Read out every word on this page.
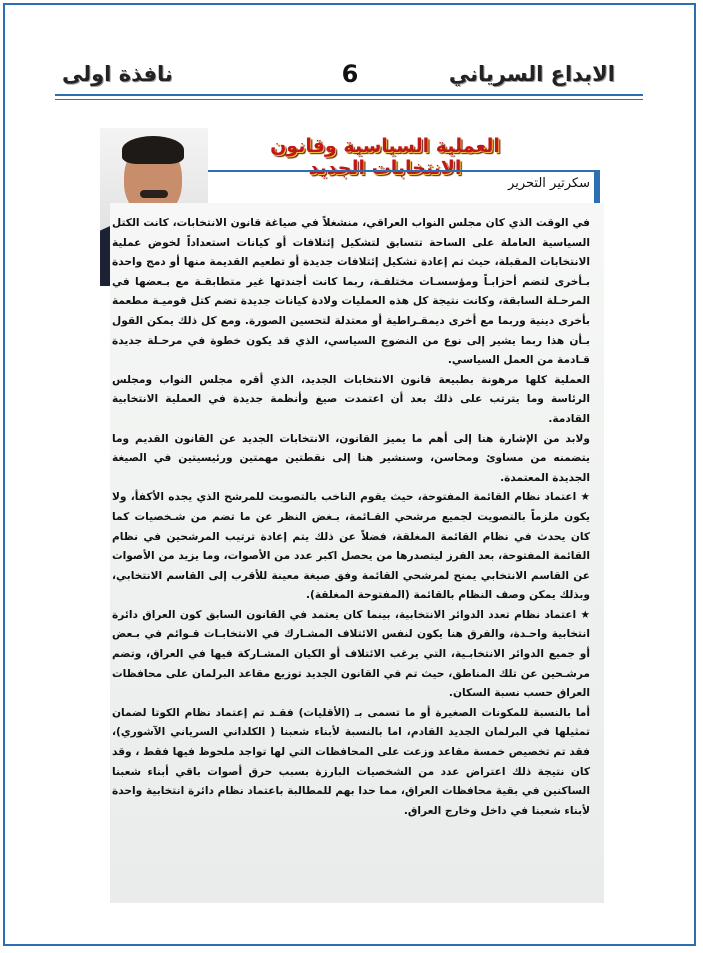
الابداع السرياني
6
نافذة اولى
العملية السياسية وقانون الانتخابات الجديد
سكرتير التحرير

في الوقت الذي كان مجلس النواب العراقي، منشغلاً في صياغة قانون الانتخابات، كانت الكتل السياسية العاملة على الساحة تتسابق لتشكيل إئتلافات أو كيانات استعداداً لخوض عملية الانتخابات المقبلة، حيث تم إعادة تشكيل إئتلافات جديدة أو تطعيم القديمة منها أو دمج واحدة بـأخرى لتضم أحزابـاً ومؤسسـات مختلفـة، ربما كانت أجندتها غير متطابقـة مع بـعضها في المرحـلة السابقة، وكانت نتيجة كل هذه العمليات ولادة كيانات جديدة تضم كتل قوميـة مطعمة بأخرى دينية وربما مع أخرى ديمقـراطية أو معتدلة لتحسين الصورة. ومع كل ذلك يمكن القول بـأن هذا ربما يشير إلى نوع من النضوج السياسي، الذي قد يكون خطوة في مرحـلة جديدة قـادمة من العمل السياسي.

العملية كلها مرهونة بطبيعة قانون الانتخابات الجديد، الذي أقره مجلس النواب ومجلس الرئاسة وما يترتب على ذلك بعد أن اعتمدت صيغ وأنظمة جديدة في العملية الانتخابية القادمة.

ولابد من الإشارة هنا إلى أهم ما يميز القانون، الانتخابات الجديد عن القانون القديم وما يتضمنه من مساوئ ومحاسن، وسنشير هنا إلى نقطتين مهمتين ورئيسيتين في الصيغة الجديدة المعتمدة.

★ اعتماد نظام القائمة المفتوحة، حيث يقوم الناخب بالتصويت للمرشح الذي يجده الأكفأ، ولا يكون ملزماً بالتصويت لجميع مرشحي القـائمة، بـغض النظر عن ما تضم من شـخصيات كما كان يحدث في نظام القائمة المغلقة، فضلاً عن ذلك يتم إعادة ترتيب المرشحين في نظام القائمة المفتوحة، بعد الفرز ليتصدرها من يحصل اكبر عدد من الأصوات، وما يزيد من الأصوات عن القاسم الانتخابي يمنح لمرشحي القائمة وفق صيغة معينة للأقرب إلى القاسم الانتخابي، وبذلك يمكن وصف النظام بالقائمة (المفتوحة المغلقة).

★ اعتماد نظام تعدد الدوائر الانتخابية، بينما كان يعتمد في القانون السابق كون العراق دائرة انتخابية واحـدة، والفرق هنا يكون لنفس الائتلاف المشـارك في الانتخابـات قـوائم في بـعض أو جميع الدوائر الانتخابـية، التي يرغب الائتلاف أو الكيان المشـاركة فيها في العراق، وتضم مرشـحين عن تلك المناطق، حيث تم في القانون الجديد توزيع مقاعد البرلمان على محافظات العراق حسب نسبة السكان.

أما بالنسبة للمكونات الصغيرة أو ما تسمى بـ (الأقليات) فقـد تم إعتماد نظام الكوتا لضمان تمثيلها في البرلمان الجديد القادم، اما بالنسبة لأبناء شعبنا ( الكلداني السرياني الآشوري)، فقد تم تخصيص خمسة مقاعد وزعت على المحافظات التي لها تواجد ملحوظ فيها فقط ، وقد كان نتيجة ذلك اعتراض عدد من الشخصيات البارزة بسبب حرق أصوات باقي أبناء شعبنا الساكنين في بقية محافظات العراق، مما حدا بهم للمطالبة باعتماد نظام دائرة انتخابية واحدة لأبناء شعبنا في داخل وخارج العراق.
